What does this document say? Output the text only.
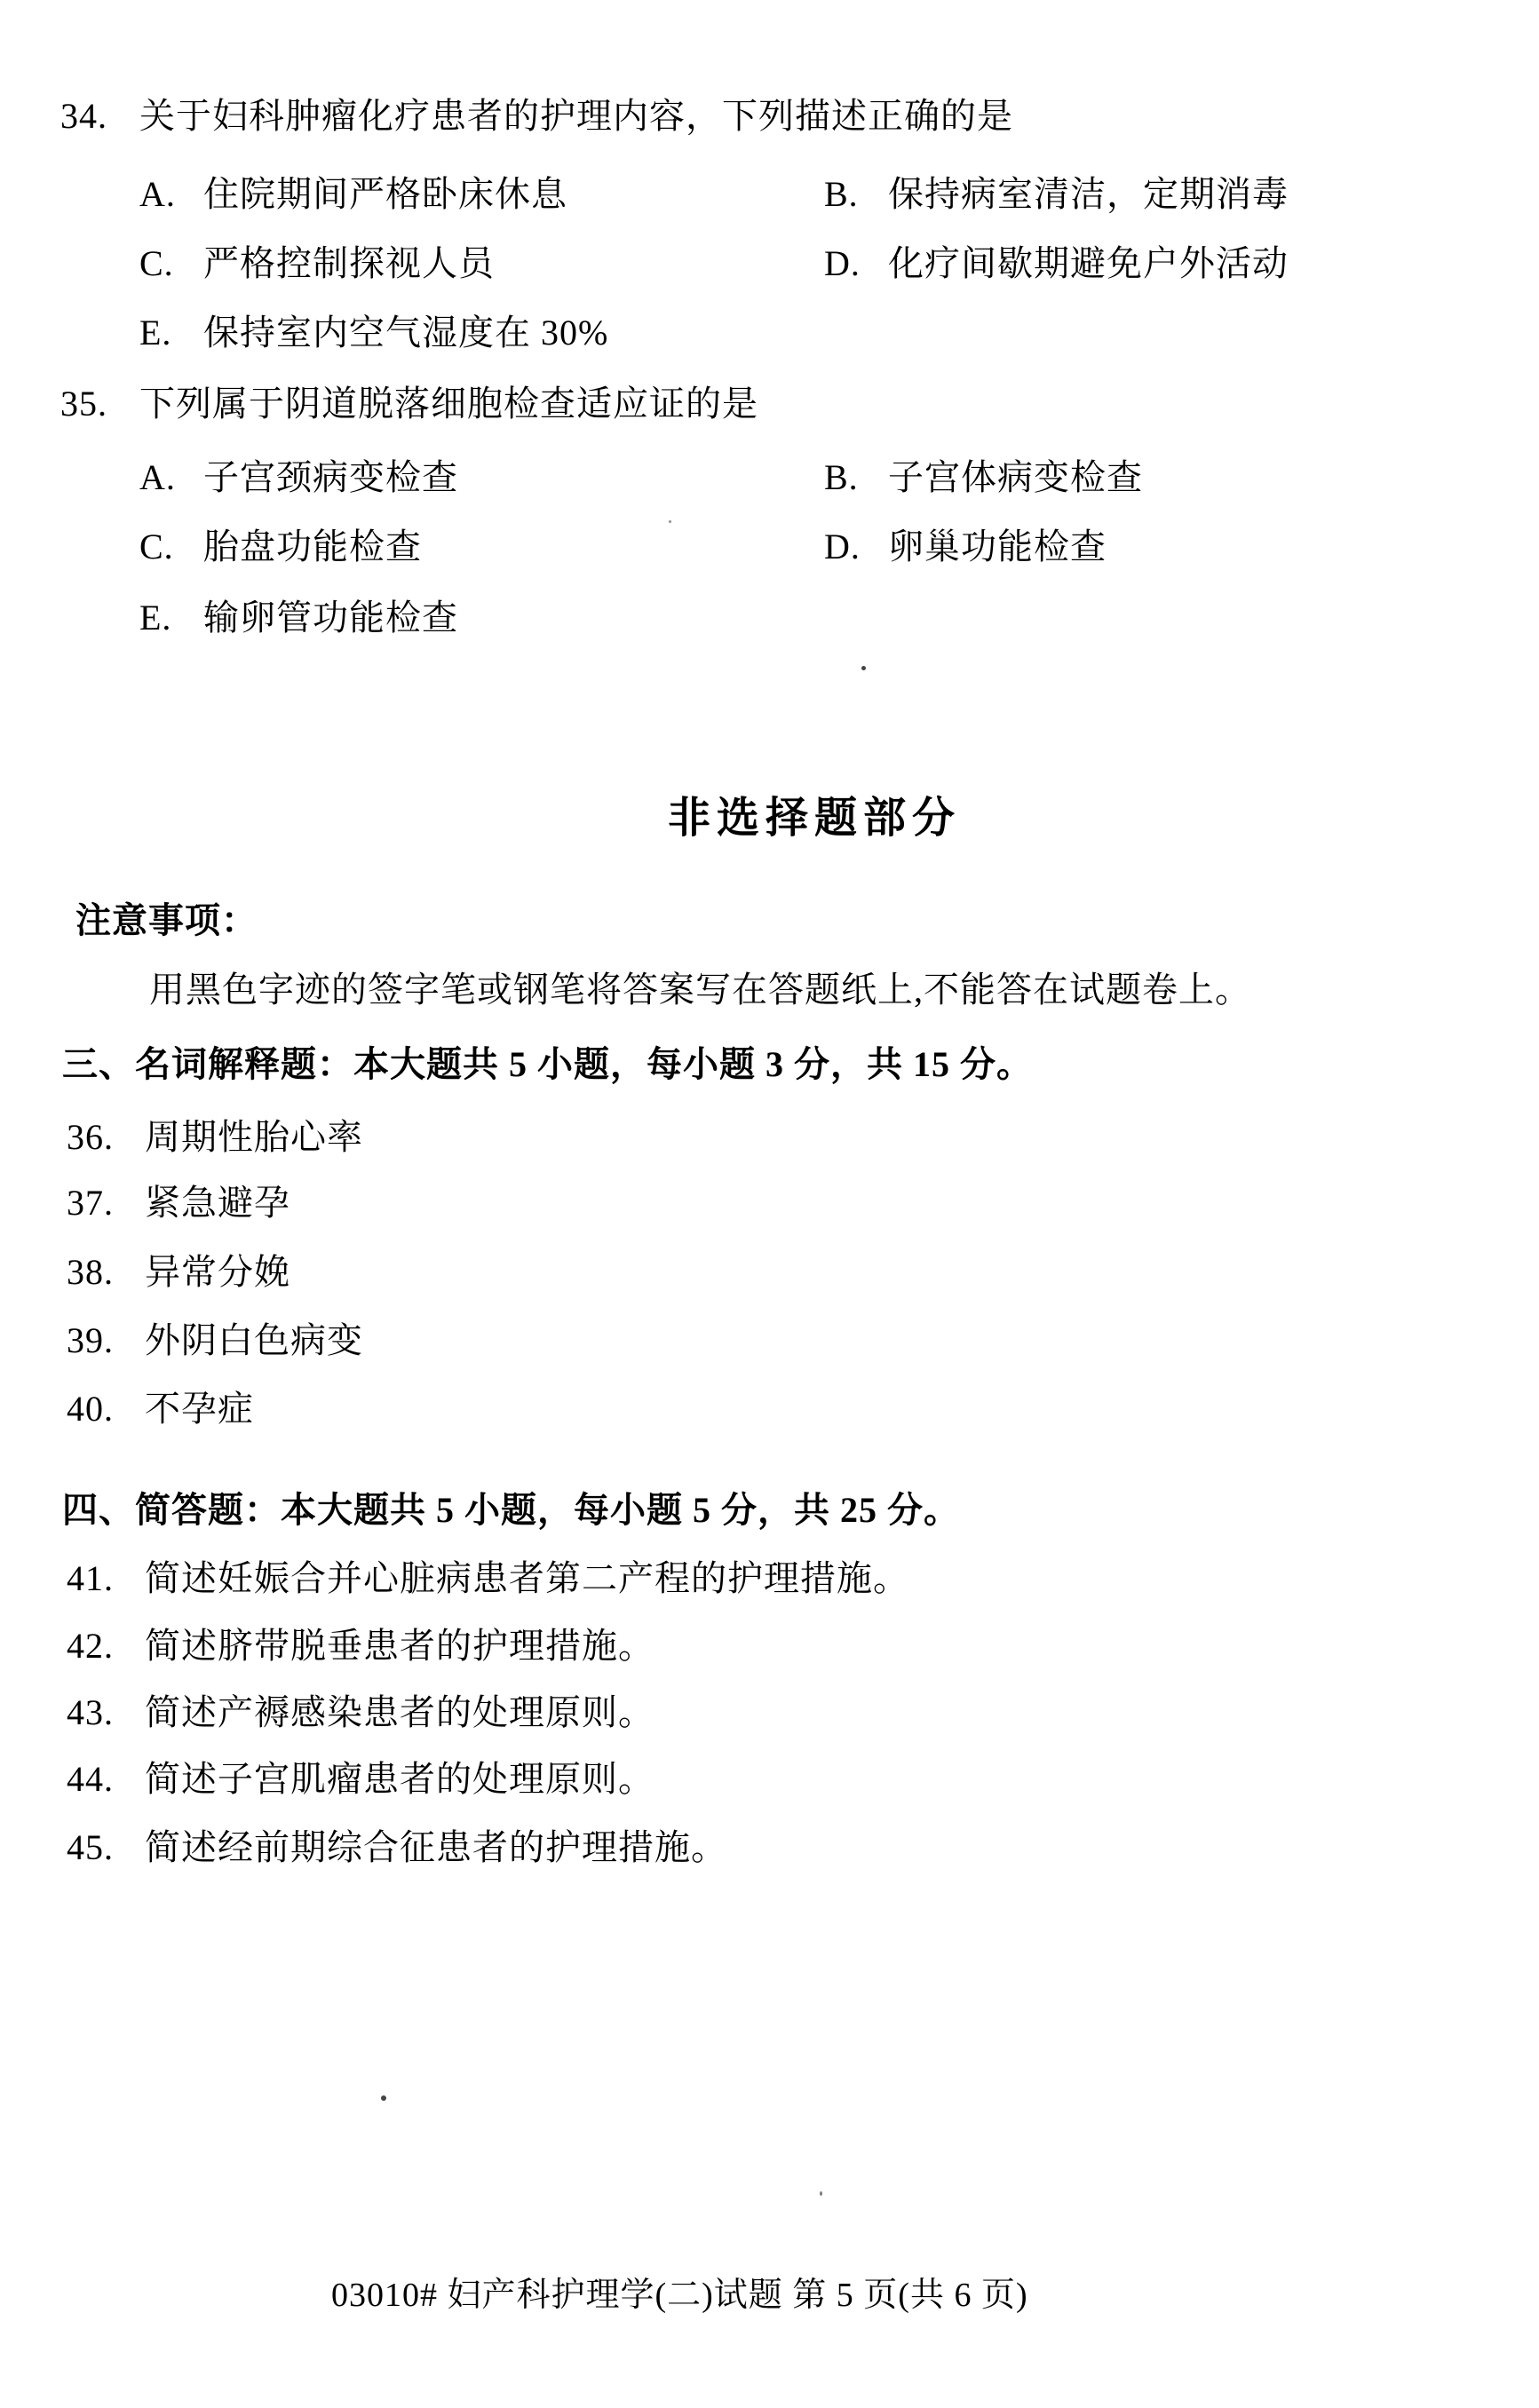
34. 关于妇科肿瘤化疗患者的护理内容，下列描述正确的是
A. 住院期间严格卧床休息	B. 保持病室清洁，定期消毒
C. 严格控制探视人员	D. 化疗间歇期避免户外活动
E. 保持室内空气湿度在 30%
35. 下列属于阴道脱落细胞检查适应证的是
A. 子宫颈病变检查	B. 子宫体病变检查
C. 胎盘功能检查	D. 卵巢功能检查
E. 输卵管功能检查
非选择题部分
注意事项：
用黑色字迹的签字笔或钢笔将答案写在答题纸上,不能答在试题卷上。
三、名词解释题：本大题共 5 小题，每小题 3 分，共 15 分。
36. 周期性胎心率
37. 紧急避孕
38. 异常分娩
39. 外阴白色病变
40. 不孕症
四、简答题：本大题共 5 小题，每小题 5 分，共 25 分。
41. 简述妊娠合并心脏病患者第二产程的护理措施。
42. 简述脐带脱垂患者的护理措施。
43. 简述产褥感染患者的处理原则。
44. 简述子宫肌瘤患者的处理原则。
45. 简述经前期综合征患者的护理措施。
03010# 妇产科护理学(二)试题 第 5 页(共 6 页)
